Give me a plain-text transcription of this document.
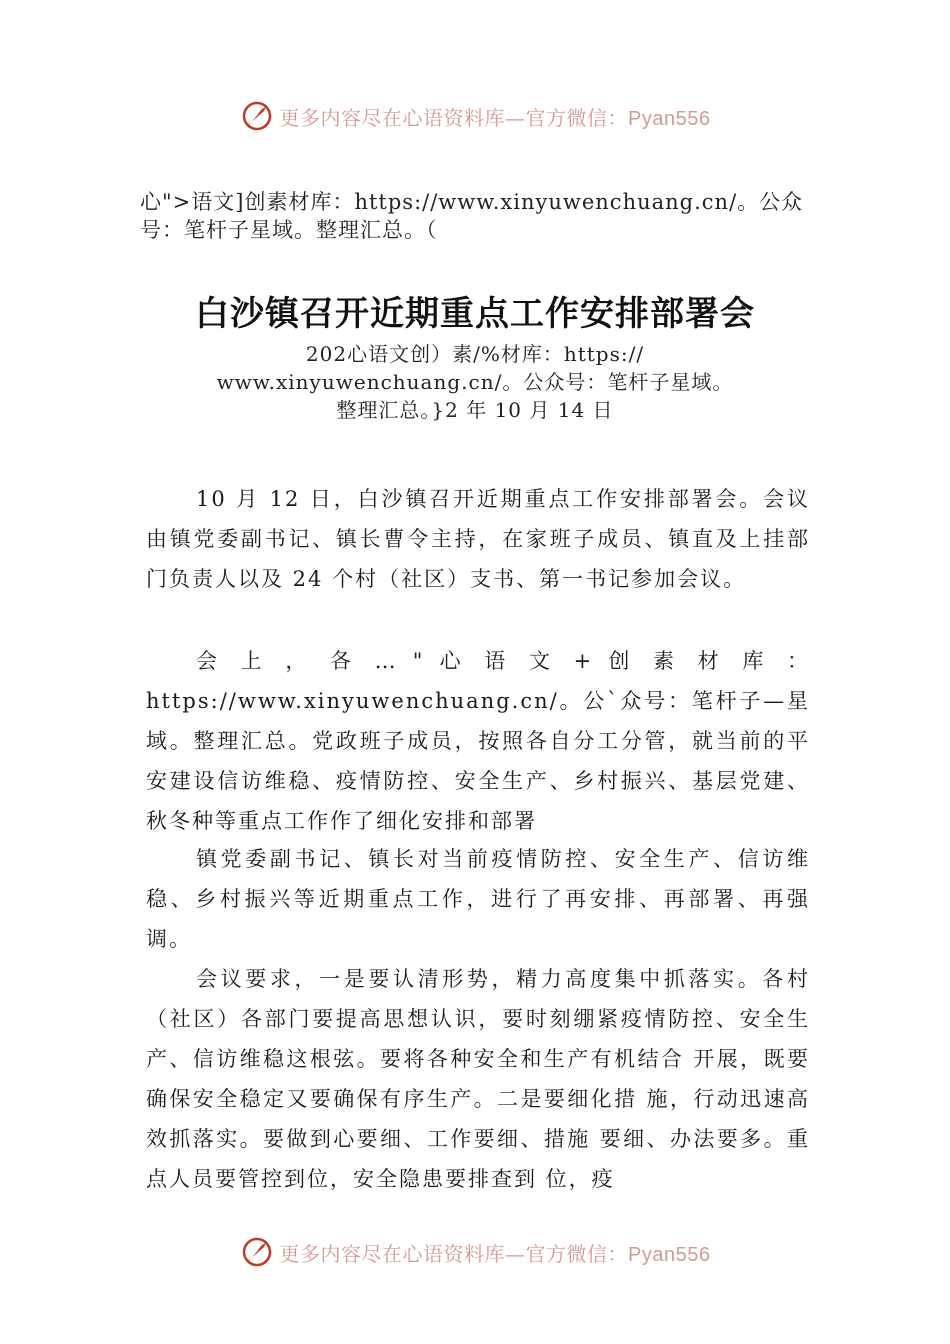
更多内容尽在心语资料库—官方微信：Pyan556
心">语文]创素材库：https://www.xinyuwenchuang.cn/。公众
号：笔杆子星域。整理汇总。（
白沙镇召开近期重点工作安排部署会
202心语文创）素/%材库：https://
www.xinyuwenchuang.cn/。公众号：笔杆子星域。
整理汇总。}2 年 10 月 14 日

10 月 12 日，白沙镇召开近期重点工作安排部署会。会议由镇党委副书记、镇长曹令主持，在家班子成员、镇直及上挂部门负责人以及 24 个村（社区）支书、第一书记参加会议。

会 上 ， 各 … " 心 语 文 + 创 素 材 库 ： https://www.xinyuwenchuang.cn/。公`众号：笔杆子—星域。整理汇总。党政班子成员，按照各自分工分管，就当前的平安建设信访维稳、疫情防控、安全生产、乡村振兴、基层党建、秋冬种等重点工作作了细化安排和部署

镇党委副书记、镇长对当前疫情防控、安全生产、信访维稳、乡村振兴等近期重点工作，进行了再安排、再部署、再强调。

会议要求，一是要认清形势，精力高度集中抓落实。各村（社区）各部门要提高思想认识，要时刻绷紧疫情防控、安全生产、信访维稳这根弦。要将各种安全和生产有机结合 开展，既要确保安全稳定又要确保有序生产。二是要细化措 施，行动迅速高效抓落实。要做到心要细、工作要细、措施 要细、办法要多。重点人员要管控到位，安全隐患要排查到 位，疫

更多内容尽在心语资料库—官方微信：Pyan556
